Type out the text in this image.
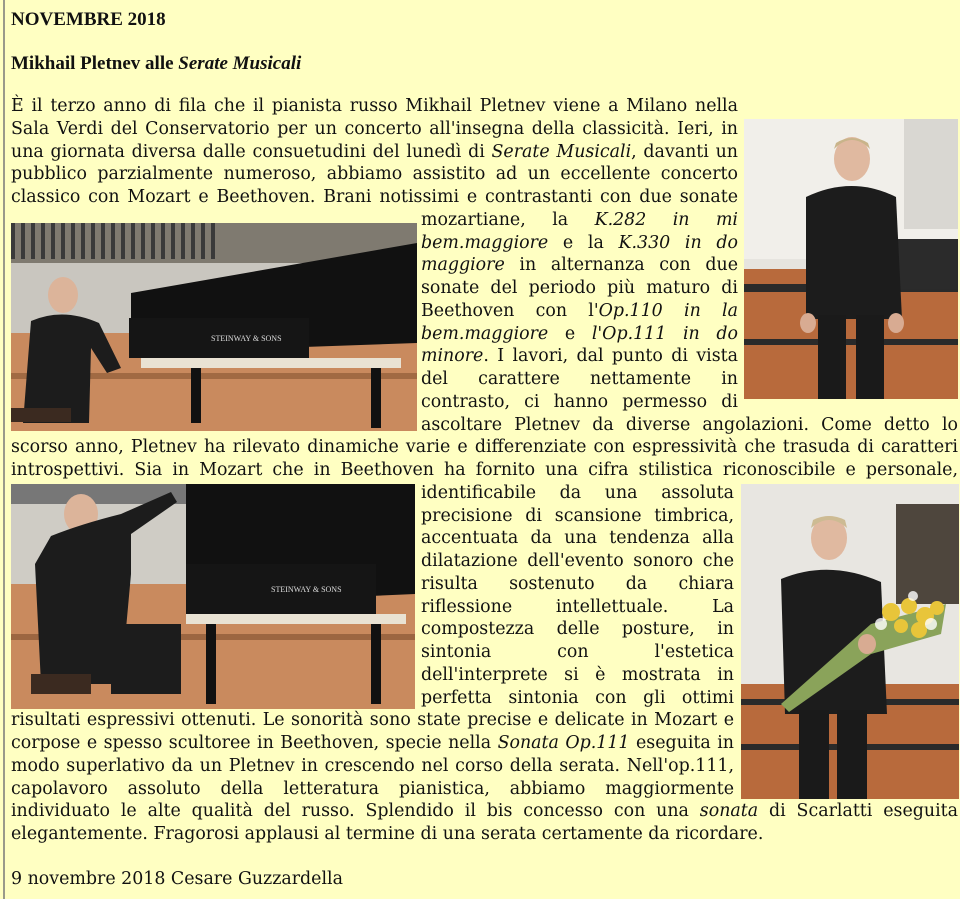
NOVEMBRE 2018
Mikhail Pletnev alle Serate Musicali
È il terzo anno di fila che il pianista russo Mikhail Pletnev viene a Milano nella Sala Verdi del Conservatorio per un concerto all'insegna della classicità. Ieri, in una giornata diversa dalle consuetudini del lunedì di Serate Musicali, davanti un pubblico parzialmente numeroso, abbiamo assistito ad un eccellente concerto classico con Mozart e Beethoven. Brani notissimi e contrastanti con due sonate mozartiane, la
STEINWAY & SONS
K.282 in mi bem.maggiore e la K.330 in do maggiore in alternanza con due sonate del periodo più maturo di Beethoven con l'Op.110 in la bem.maggiore e l'Op.111 in do minore. I lavori, dal punto di vista del carattere nettamente in contrasto, ci hanno permesso di ascoltare Pletnev da diverse angolazioni. Come detto lo scorso anno, Pletnev ha rilevato dinamiche varie e differenziate con espressività che trasuda di caratteri introspettivi. Sia in Mozart che in Beethoven ha fornito una cifra stilistica riconoscibile e
personale, identificabile da una assoluta precisione di scansione timbrica, accentuata da una tendenza alla dilatazione dell'evento sonoro che risulta sostenuto da chiara riflessione intellettuale. La compostezza delle posture, in sintonia con l'estetica dell'interprete si è mostrata in perfetta sintonia con gli ottimi risultati espressivi ottenuti. Le sonorità sono state precise e delicate in Mozart e corpose e spesso scultoree in Beethoven, specie nella Sonata Op.111 eseguita in modo superlativo da un Pletnev in crescendo nel corso della serata. Nell'op.111, capolavoro assoluto della letteratura pianistica, abbiamo maggiormente individuato le alte qualità del russo. Splendido il bis concesso con una sonata di Scarlatti eseguita elegantemente. Fragorosi applausi al termine di una serata certamente da ricordare.
STEINWAY & SONS
9 novembre 2018 Cesare Guzzardella
